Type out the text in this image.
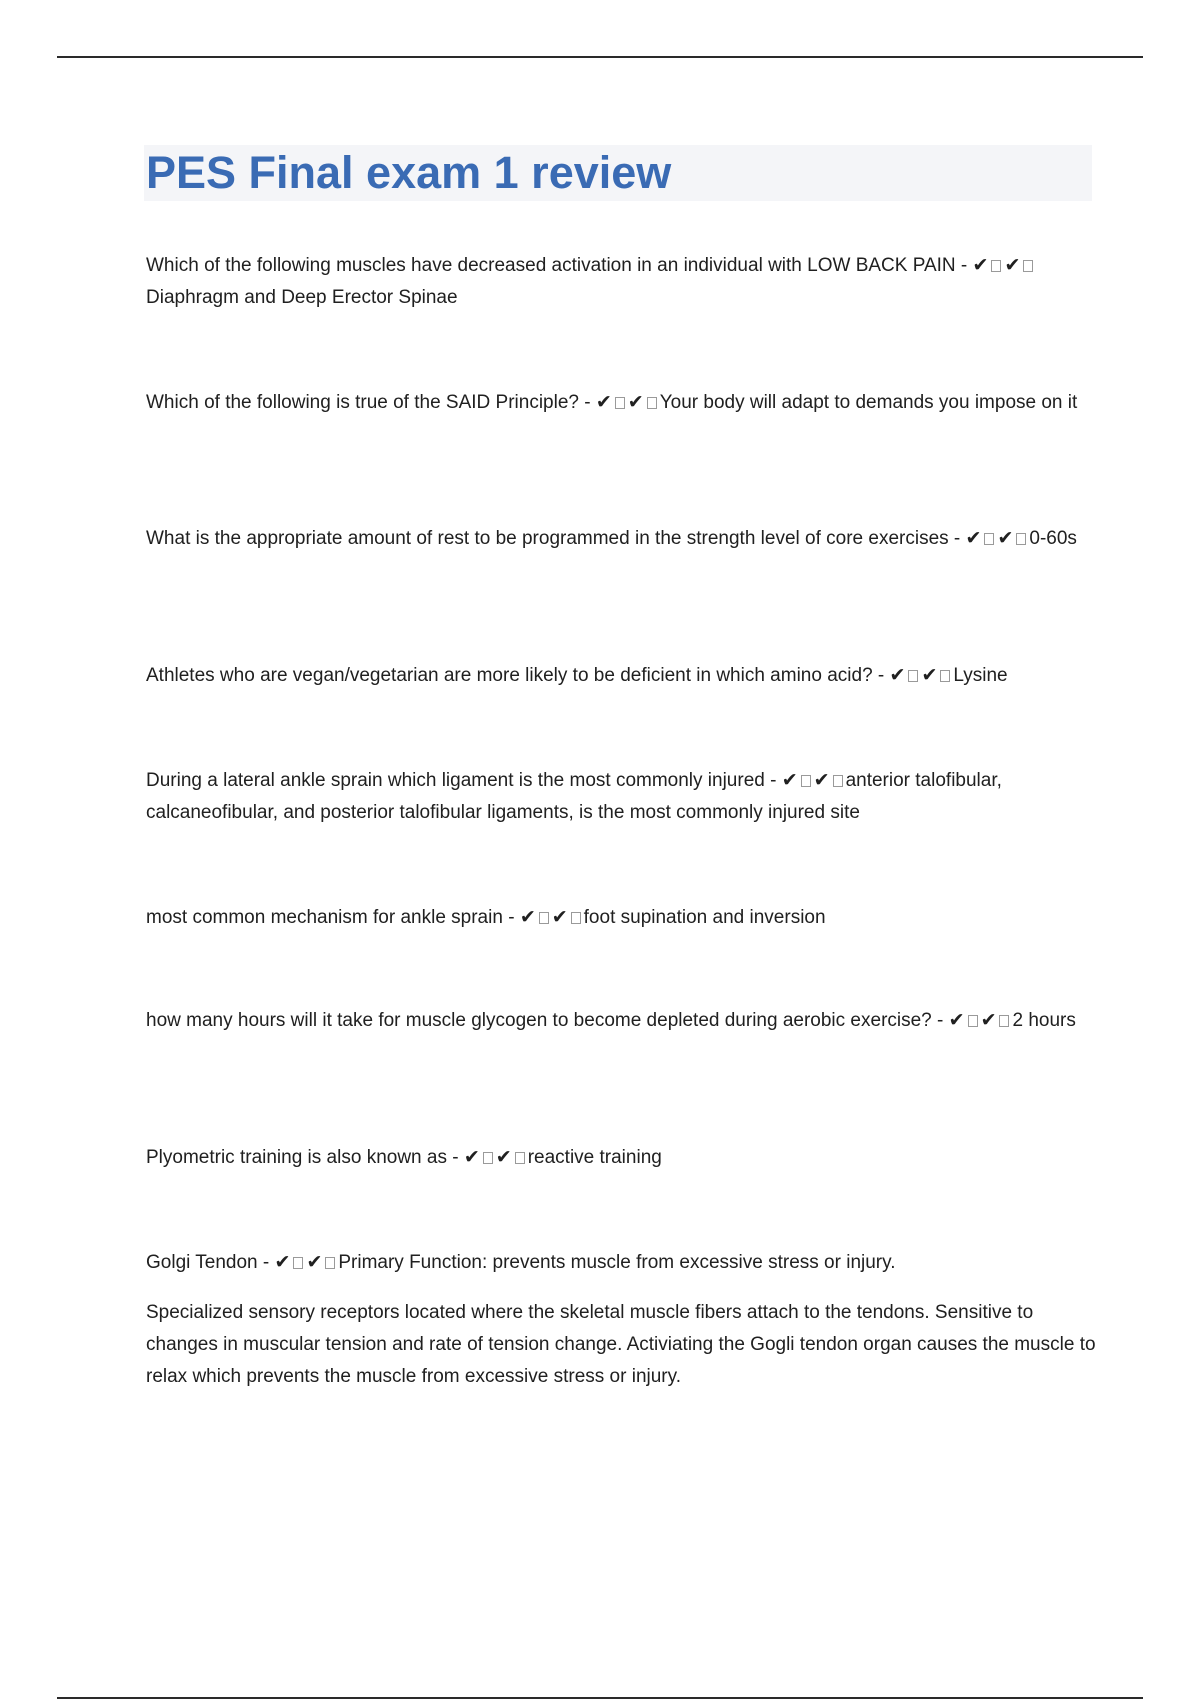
PES Final exam 1 review

Which of the following muscles have decreased activation in an individual with LOW BACK PAIN - ✔ ✔Diaphragm and Deep Erector Spinae

Which of the following is true of the SAID Principle? - ✔ ✔ Your body will adapt to demands you impose on it

What is the appropriate amount of rest to be programmed in the strength level of core exercises - ✔ ✔ 0-60s

Athletes who are vegan/vegetarian are more likely to be deficient in which amino acid? - ✔ ✔ Lysine

During a lateral ankle sprain which ligament is the most commonly injured - ✔ ✔ anterior talofibular, calcaneofibular, and posterior talofibular ligaments, is the most commonly injured site

most common mechanism for ankle sprain - ✔ ✔ foot supination and inversion

how many hours will it take for muscle glycogen to become depleted during aerobic exercise? - ✔ ✔ 2 hours

Plyometric training is also known as - ✔ ✔ reactive training

Golgi Tendon - ✔ ✔ Primary Function: prevents muscle from excessive stress or injury.

Specialized sensory receptors located where the skeletal muscle fibers attach to the tendons. Sensitive to changes in muscular tension and rate of tension change. Activiating the Gogli tendon organ causes the muscle to relax which prevents the muscle from excessive stress or injury.
